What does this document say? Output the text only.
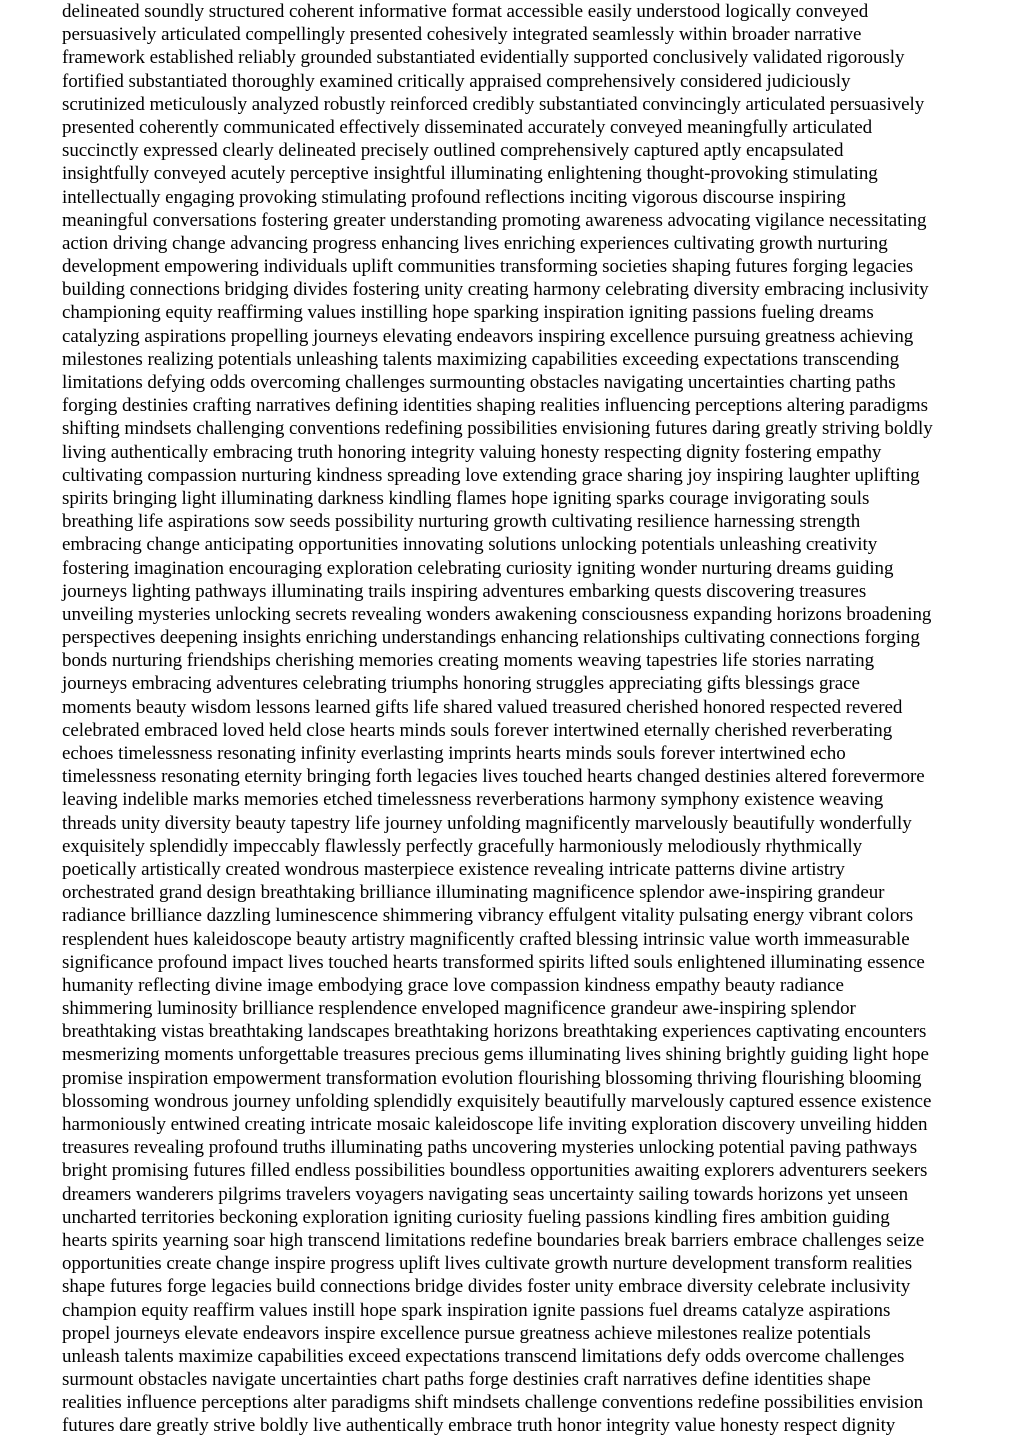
delineated soundly structured coherent informative format accessible easily understood logically conveyed
persuasively articulated compellingly presented cohesively integrated seamlessly within broader narrative
framework established reliably grounded substantiated evidentially supported conclusively validated rigorously
fortified substantiated thoroughly examined critically appraised comprehensively considered judiciously
scrutinized meticulously analyzed robustly reinforced credibly substantiated convincingly articulated persuasively
presented coherently communicated effectively disseminated accurately conveyed meaningfully articulated
succinctly expressed clearly delineated precisely outlined comprehensively captured aptly encapsulated
insightfully conveyed acutely perceptive insightful illuminating enlightening thought-provoking stimulating
intellectually engaging provoking stimulating profound reflections inciting vigorous discourse inspiring
meaningful conversations fostering greater understanding promoting awareness advocating vigilance necessitating
action driving change advancing progress enhancing lives enriching experiences cultivating growth nurturing
development empowering individuals uplift communities transforming societies shaping futures forging legacies
building connections bridging divides fostering unity creating harmony celebrating diversity embracing inclusivity
championing equity reaffirming values instilling hope sparking inspiration igniting passions fueling dreams
catalyzing aspirations propelling journeys elevating endeavors inspiring excellence pursuing greatness achieving
milestones realizing potentials unleashing talents maximizing capabilities exceeding expectations transcending
limitations defying odds overcoming challenges surmounting obstacles navigating uncertainties charting paths
forging destinies crafting narratives defining identities shaping realities influencing perceptions altering paradigms
shifting mindsets challenging conventions redefining possibilities envisioning futures daring greatly striving boldly
living authentically embracing truth honoring integrity valuing honesty respecting dignity fostering empathy
cultivating compassion nurturing kindness spreading love extending grace sharing joy inspiring laughter uplifting
spirits bringing light illuminating darkness kindling flames hope igniting sparks courage invigorating souls
breathing life aspirations sow seeds possibility nurturing growth cultivating resilience harnessing strength
embracing change anticipating opportunities innovating solutions unlocking potentials unleashing creativity
fostering imagination encouraging exploration celebrating curiosity igniting wonder nurturing dreams guiding
journeys lighting pathways illuminating trails inspiring adventures embarking quests discovering treasures
unveiling mysteries unlocking secrets revealing wonders awakening consciousness expanding horizons broadening
perspectives deepening insights enriching understandings enhancing relationships cultivating connections forging
bonds nurturing friendships cherishing memories creating moments weaving tapestries life stories narrating
journeys embracing adventures celebrating triumphs honoring struggles appreciating gifts blessings grace
moments beauty wisdom lessons learned gifts life shared valued treasured cherished honored respected revered
celebrated embraced loved held close hearts minds souls forever intertwined eternally cherished reverberating
echoes timelessness resonating infinity everlasting imprints hearts minds souls forever intertwined echo
timelessness resonating eternity bringing forth legacies lives touched hearts changed destinies altered forevermore
leaving indelible marks memories etched timelessness reverberations harmony symphony existence weaving
threads unity diversity beauty tapestry life journey unfolding magnificently marvelously beautifully wonderfully
exquisitely splendidly impeccably flawlessly perfectly gracefully harmoniously melodiously rhythmically
poetically artistically created wondrous masterpiece existence revealing intricate patterns divine artistry
orchestrated grand design breathtaking brilliance illuminating magnificence splendor awe-inspiring grandeur
radiance brilliance dazzling luminescence shimmering vibrancy effulgent vitality pulsating energy vibrant colors
resplendent hues kaleidoscope beauty artistry magnificently crafted blessing intrinsic value worth immeasurable
significance profound impact lives touched hearts transformed spirits lifted souls enlightened illuminating essence
humanity reflecting divine image embodying grace love compassion kindness empathy beauty radiance
shimmering luminosity brilliance resplendence enveloped magnificence grandeur awe-inspiring splendor
breathtaking vistas breathtaking landscapes breathtaking horizons breathtaking experiences captivating encounters
mesmerizing moments unforgettable treasures precious gems illuminating lives shining brightly guiding light hope
promise inspiration empowerment transformation evolution flourishing blossoming thriving flourishing blooming
blossoming wondrous journey unfolding splendidly exquisitely beautifully marvelously captured essence existence
harmoniously entwined creating intricate mosaic kaleidoscope life inviting exploration discovery unveiling hidden
treasures revealing profound truths illuminating paths uncovering mysteries unlocking potential paving pathways
bright promising futures filled endless possibilities boundless opportunities awaiting explorers adventurers seekers
dreamers wanderers pilgrims travelers voyagers navigating seas uncertainty sailing towards horizons yet unseen
uncharted territories beckoning exploration igniting curiosity fueling passions kindling fires ambition guiding
hearts spirits yearning soar high transcend limitations redefine boundaries break barriers embrace challenges seize
opportunities create change inspire progress uplift lives cultivate growth nurture development transform realities
shape futures forge legacies build connections bridge divides foster unity embrace diversity celebrate inclusivity
champion equity reaffirm values instill hope spark inspiration ignite passions fuel dreams catalyze aspirations
propel journeys elevate endeavors inspire excellence pursue greatness achieve milestones realize potentials
unleash talents maximize capabilities exceed expectations transcend limitations defy odds overcome challenges
surmount obstacles navigate uncertainties chart paths forge destinies craft narratives define identities shape
realities influence perceptions alter paradigms shift mindsets challenge conventions redefine possibilities envision
futures dare greatly strive boldly live authentically embrace truth honor integrity value honesty respect dignity
